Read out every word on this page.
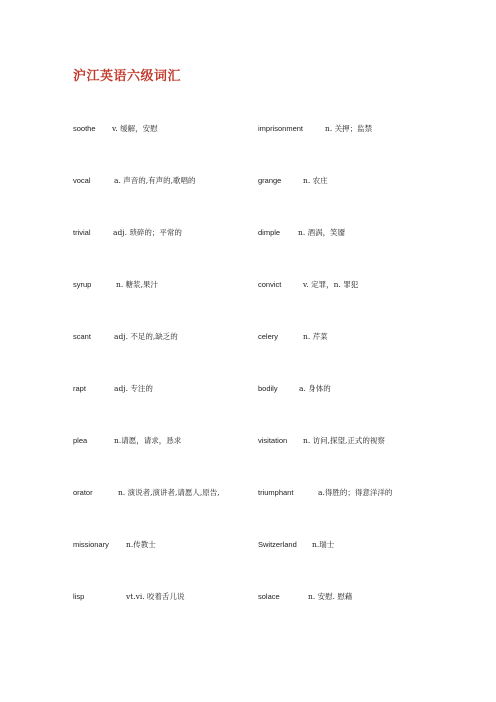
沪江英语六级词汇
soothe v. 缓解，安慰	imprisonment	n. 关押；监禁
vocal	a. 声音的,有声的,歌唱的	grange	n. 农庄
trivial	adj. 琐碎的；平常的	dimple n. 酒涡，笑靥
syrup	n. 糖浆,果汁	convict	v. 定罪，n. 罪犯
scant	adj. 不足的,缺乏的	celery	n. 芹菜
rapt	adj. 专注的	bodily	a. 身体的
plea	n.请愿，请求，恳求	visitation n. 访问,探望,正式的视察
orator	n. 演说者,演讲者,请愿人,原告,	triumphant	a.得胜的；得意洋洋的
missionary n.传教士	Switzerland n.瑞士
lisp	vt.vi. 咬着舌儿说	solace	n. 安慰. 慰藉
